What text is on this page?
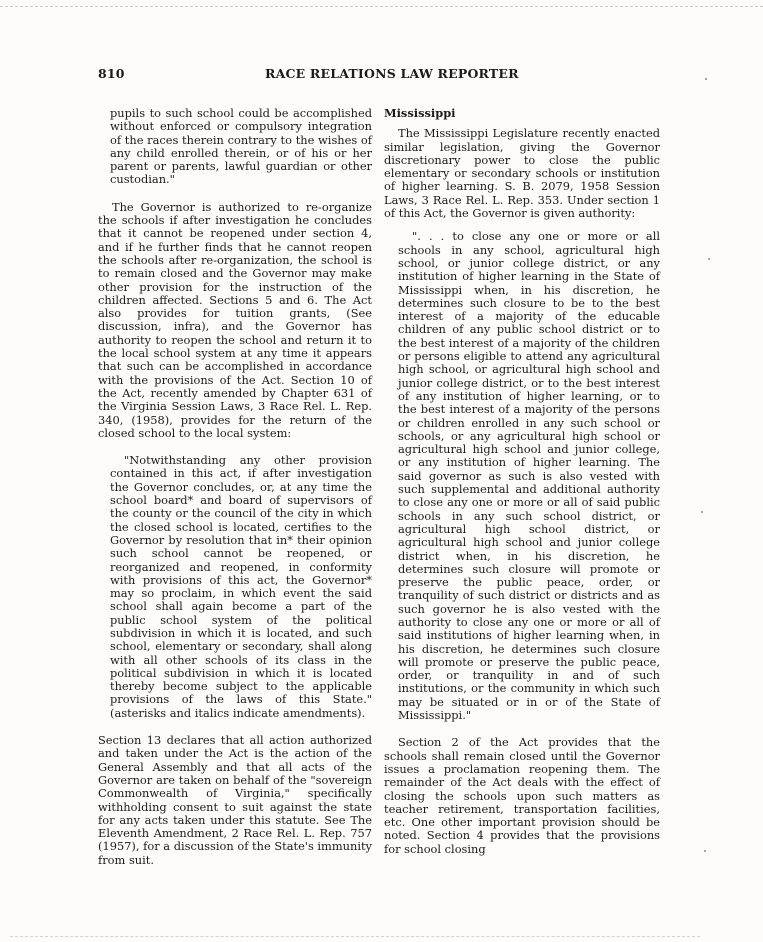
810	RACE RELATIONS LAW REPORTER

pupils to such school could be accomplished without enforced or compulsory integration of the races therein contrary to the wishes of any child enrolled therein, or of his or her parent or parents, lawful guardian or other custodian."

The Governor is authorized to re-organize the schools if after investigation he concludes that it cannot be reopened under section 4, and if he further finds that he cannot reopen the schools after re-organization, the school is to remain closed and the Governor may make other provision for the instruction of the children affected. Sections 5 and 6. The Act also provides for tuition grants, (See discussion, infra), and the Governor has authority to reopen the school and return it to the local school system at any time it appears that such can be accomplished in accordance with the provisions of the Act. Section 10 of the Act, recently amended by Chapter 631 of the Virginia Session Laws, 3 Race Rel. L. Rep. 340, (1958), provides for the return of the closed school to the local system:

"Notwithstanding any other provision contained in this act, if after investigation the Governor concludes, or, at any time the school board* and board of supervisors of the county or the council of the city in which the closed school is located, certifies to the Governor by resolution that in* their opinion such school cannot be reopened, or reorganized and reopened, in conformity with provisions of this act, the Governor* may so proclaim, in which event the said school shall again become a part of the public school system of the political subdivision in which it is located, and such school, elementary or secondary, shall along with all other schools of its class in the political subdivision in which it is located thereby become subject to the applicable provisions of the laws of this State." (asterisks and italics indicate amendments).

Section 13 declares that all action authorized and taken under the Act is the action of the General Assembly and that all acts of the Governor are taken on behalf of the "sovereign Commonwealth of Virginia," specifically withholding consent to suit against the state for any acts taken under this statute. See The Eleventh Amendment, 2 Race Rel. L. Rep. 757 (1957), for a discussion of the State's immunity from suit.

Mississippi

The Mississippi Legislature recently enacted similar legislation, giving the Governor discretionary power to close the public elementary or secondary schools or institution of higher learning. S. B. 2079, 1958 Session Laws, 3 Race Rel. L. Rep. 353. Under section 1 of this Act, the Governor is given authority:

". . . to close any one or more or all schools in any school, agricultural high school, or junior college district, or any institution of higher learning in the State of Mississippi when, in his discretion, he determines such closure to be to the best interest of a majority of the educable children of any public school district or to the best interest of a majority of the children or persons eligible to attend any agricultural high school, or agricultural high school and junior college district, or to the best interest of any institution of higher learning, or to the best interest of a majority of the persons or children enrolled in any such school or schools, or any agricultural high school or agricultural high school and junior college, or any institution of higher learning. The said governor as such is also vested with such supplemental and additional authority to close any one or more or all of said public schools in any such school district, or agricultural high school district, or agricultural high school and junior college district when, in his discretion, he determines such closure will promote or preserve the public peace, order, or tranquility of such district or districts and as such governor he is also vested with the authority to close any one or more or all of said institutions of higher learning when, in his discretion, he determines such closure will promote or preserve the public peace, order, or tranquility in and of such institutions, or the community in which such may be situated or in or of the State of Mississippi."

Section 2 of the Act provides that the schools shall remain closed until the Governor issues a proclamation reopening them. The remainder of the Act deals with the effect of closing the schools upon such matters as teacher retirement, transportation facilities, etc. One other important provision should be noted. Section 4 provides that the provisions for school closing
